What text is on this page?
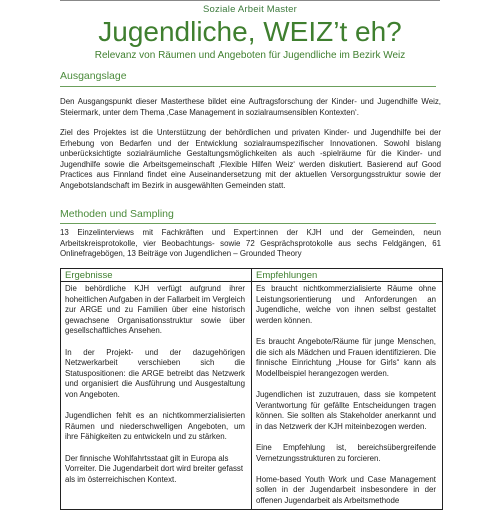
Soziale Arbeit Master
Jugendliche, WEIZ’t eh?
Relevanz von Räumen und Angeboten für Jugendliche im Bezirk Weiz
Ausgangslage
Den Ausgangspunkt dieser Masterthese bildet eine Auftragsforschung der Kinder- und Jugendhilfe Weiz, Steiermark, unter dem Thema ‚Case Management in sozialraumsensiblen Kontexten‘.
Ziel des Projektes ist die Unterstützung der behördlichen und privaten Kinder- und Jugendhilfe bei der Erhebung von Bedarfen und der Entwicklung sozialraumspezifischer Innovationen. Sowohl bislang unberücksichtigte sozialräumliche Gestaltungsmöglichkeiten als auch -spielräume für die Kinder- und Jugendhilfe sowie die Arbeitsgemeinschaft ‚Flexible Hilfen Weiz‘ werden diskutiert. Basierend auf Good Practices aus Finnland findet eine Auseinandersetzung mit der aktuellen Versorgungsstruktur sowie der Angebotslandschaft im Bezirk in ausgewählten Gemeinden statt.
Methoden und Sampling
13 Einzelinterviews mit Fachkräften und Expert:innen der KJH und der Gemeinden, neun Arbeitskreisprotokolle, vier Beobachtungs- sowie 72 Gesprächsprotokolle aus sechs Feldgängen, 61 Onlinefragebögen, 13 Beiträge von Jugendlichen – Grounded Theory
Ergebnisse	Empfehlungen

Die behördliche KJH verfügt aufgrund ihrer hoheitlichen Aufgaben in der Fallarbeit im Vergleich zur ARGE und zu Familien über eine historisch gewachsene Organisationsstruktur sowie über gesellschaftliches Ansehen.

In der Projekt- und der dazugehörigen Netzwerkarbeit verschieben sich die Statuspositionen: die ARGE betreibt das Netzwerk und organisiert die Ausführung und Ausgestaltung von Angeboten.

Jugendlichen fehlt es an nichtkommerzialisierten Räumen und niederschwelligen Angeboten, um ihre Fähigkeiten zu entwickeln und zu stärken.

Der finnische Wohlfahrtsstaat gilt in Europa als Vorreiter. Die Jugendarbeit dort wird breiter gefasst als im österreichischen Kontext.

Es braucht nichtkommerzialisierte Räume ohne Leistungsorientierung und Anforderungen an Jugendliche, welche von ihnen selbst gestaltet werden können.

Es braucht Angebote/Räume für junge Menschen, die sich als Mädchen und Frauen identifizieren. Die finnische Einrichtung „House for Girls“ kann als Modellbeispiel herangezogen werden.

Jugendlichen ist zuzutrauen, dass sie kompetent Verantwortung für gefällte Entscheidungen tragen können. Sie sollten als Stakeholder anerkannt und in das Netzwerk der KJH miteinbezogen werden.

Eine Empfehlung ist, bereichsübergreifende Vernetzungsstrukturen zu forcieren.

Home-based Youth Work und Case Management sollen in der Jugendarbeit insbesondere in der offenen Jugendarbeit als Arbeitsmethode
